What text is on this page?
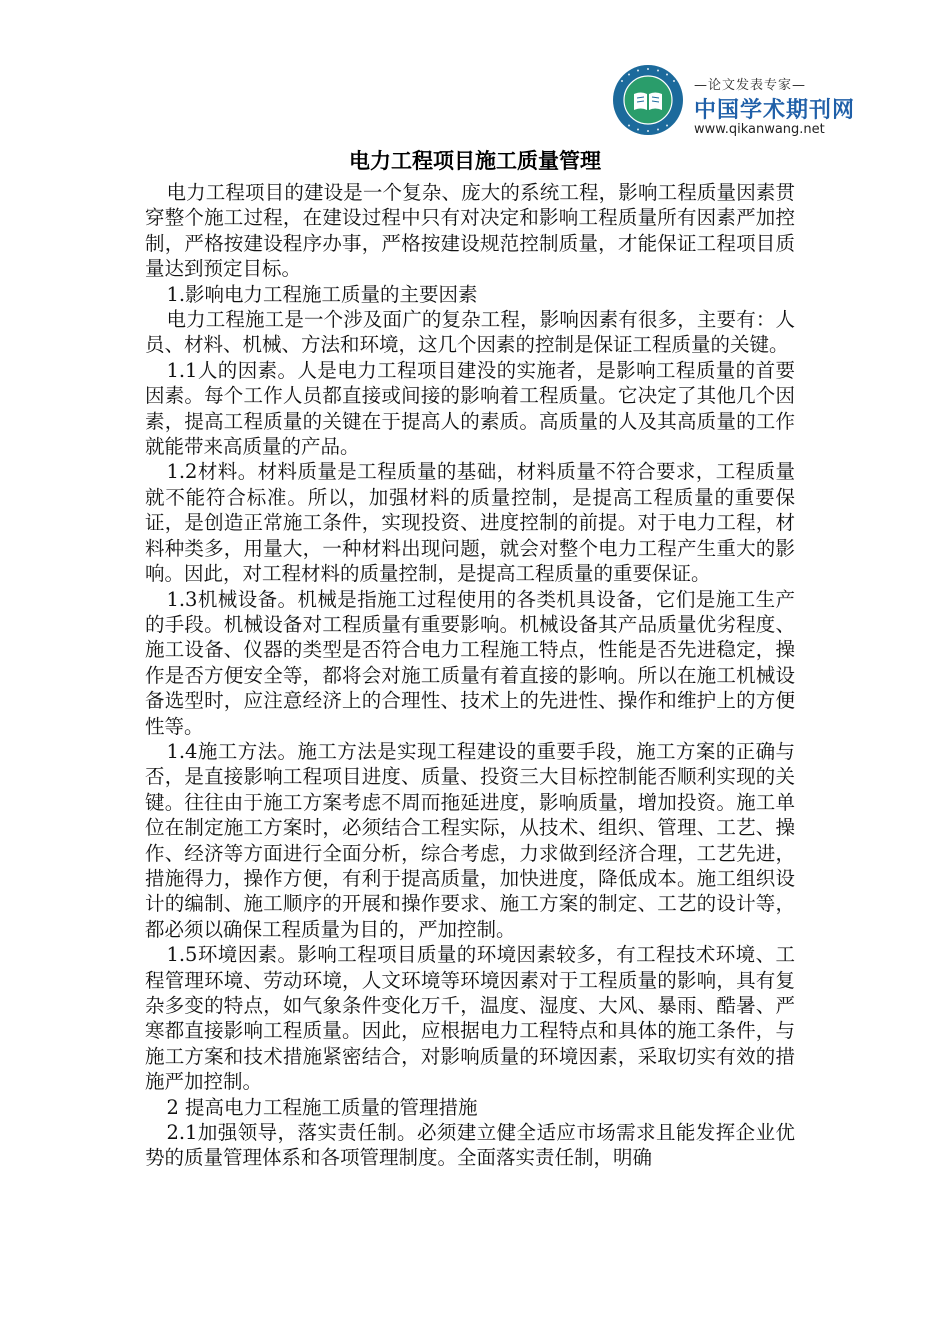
—论文发表专家—
中国学术期刊网
www.qikanwang.net
电力工程项目施工质量管理

电力工程项目的建设是一个复杂、庞大的系统工程，影响工程质量因素贯穿整个施工过程，在建设过程中只有对决定和影响工程质量所有因素严加控制，严格按建设程序办事，严格按建设规范控制质量，才能保证工程项目质量达到预定目标。

1.影响电力工程施工质量的主要因素

电力工程施工是一个涉及面广的复杂工程，影响因素有很多，主要有：人员、材料、机械、方法和环境，这几个因素的控制是保证工程质量的关键。

1.1人的因素。人是电力工程项目建没的实施者，是影响工程质量的首要因素。每个工作人员都直接或间接的影响着工程质量。它决定了其他几个因素，提高工程质量的关键在于提高人的素质。高质量的人及其高质量的工作就能带来高质量的产品。

1.2材料。材料质量是工程质量的基础，材料质量不符合要求，工程质量就不能符合标准。所以，加强材料的质量控制，是提高工程质量的重要保证，是创造正常施工条件，实现投资、进度控制的前提。对于电力工程，材料种类多，用量大，一种材料出现问题，就会对整个电力工程产生重大的影响。因此，对工程材料的质量控制，是提高工程质量的重要保证。

1.3机械设备。机械是指施工过程使用的各类机具设备，它们是施工生产的手段。机械设备对工程质量有重要影响。机械设备其产品质量优劣程度、施工设备、仪器的类型是否符合电力工程施工特点，性能是否先进稳定，操作是否方便安全等，都将会对施工质量有着直接的影响。所以在施工机械设备选型时，应注意经济上的合理性、技术上的先进性、操作和维护上的方便性等。

1.4施工方法。施工方法是实现工程建设的重要手段，施工方案的正确与否，是直接影响工程项目进度、质量、投资三大目标控制能否顺利实现的关键。往往由于施工方案考虑不周而拖延进度，影响质量，增加投资。施工单位在制定施工方案时，必须结合工程实际，从技术、组织、管理、工艺、操作、经济等方面进行全面分析，综合考虑，力求做到经济合理，工艺先进，措施得力，操作方便，有利于提高质量，加快进度，降低成本。施工组织设计的编制、施工顺序的开展和操作要求、施工方案的制定、工艺的设计等，都必须以确保工程质量为目的，严加控制。

1.5环境因素。影响工程项目质量的环境因素较多，有工程技术环境、工程管理环境、劳动环境，人文环境等环境因素对于工程质量的影响，具有复杂多变的特点，如气象条件变化万千，温度、湿度、大风、暴雨、酷暑、严寒都直接影响工程质量。因此，应根据电力工程特点和具体的施工条件，与施工方案和技术措施紧密结合，对影响质量的环境因素，采取切实有效的措施严加控制。

2 提高电力工程施工质量的管理措施

2.1加强领导，落实责任制。必须建立健全适应市场需求且能发挥企业优势的质量管理体系和各项管理制度。全面落实责任制，明确
